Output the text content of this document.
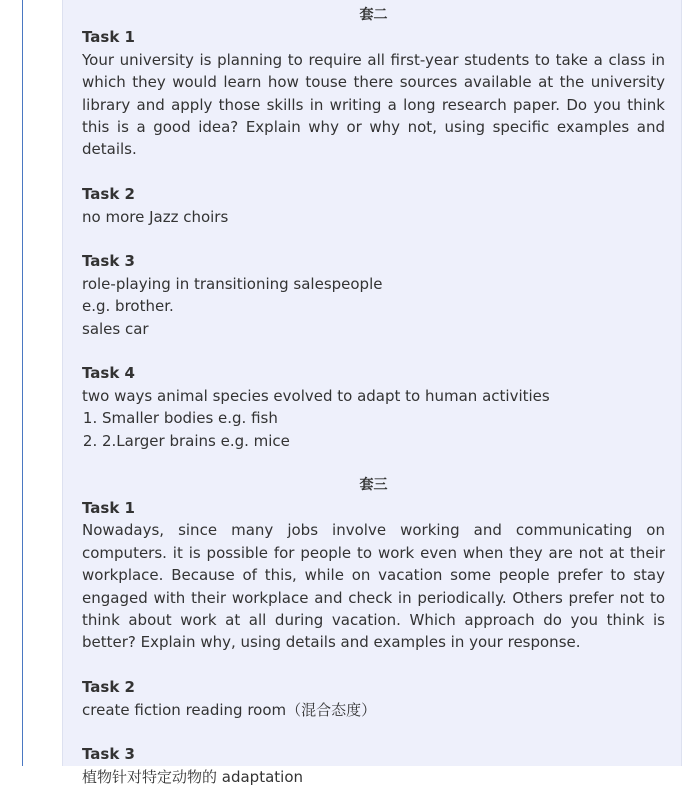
套二

Task 1

Your university is planning to require all first-year students to take a class in which they would learn how touse there sources available at the university library and apply those skills in writing a long research paper. Do you think this is a good idea? Explain why or why not, using specific examples and details.

Task 2

no more Jazz choirs

Task 3

role-playing in transitioning salespeople

e.g. brother.

sales car

Task 4

two ways animal species evolved to adapt to human activities

1. Smaller bodies e.g. fish
2. 2.Larger brains e.g. mice

套三

Task 1

Nowadays, since many jobs involve working and communicating on computers. it is possible for people to work even when they are not at their workplace. Because of this, while on vacation some people prefer to stay engaged with their workplace and check in periodically. Others prefer not to think about work at all during vacation. Which approach do you think is better? Explain why, using details and examples in your response.

Task 2

create fiction reading room（混合态度）

Task 3

植物针对特定动物的 adaptation
